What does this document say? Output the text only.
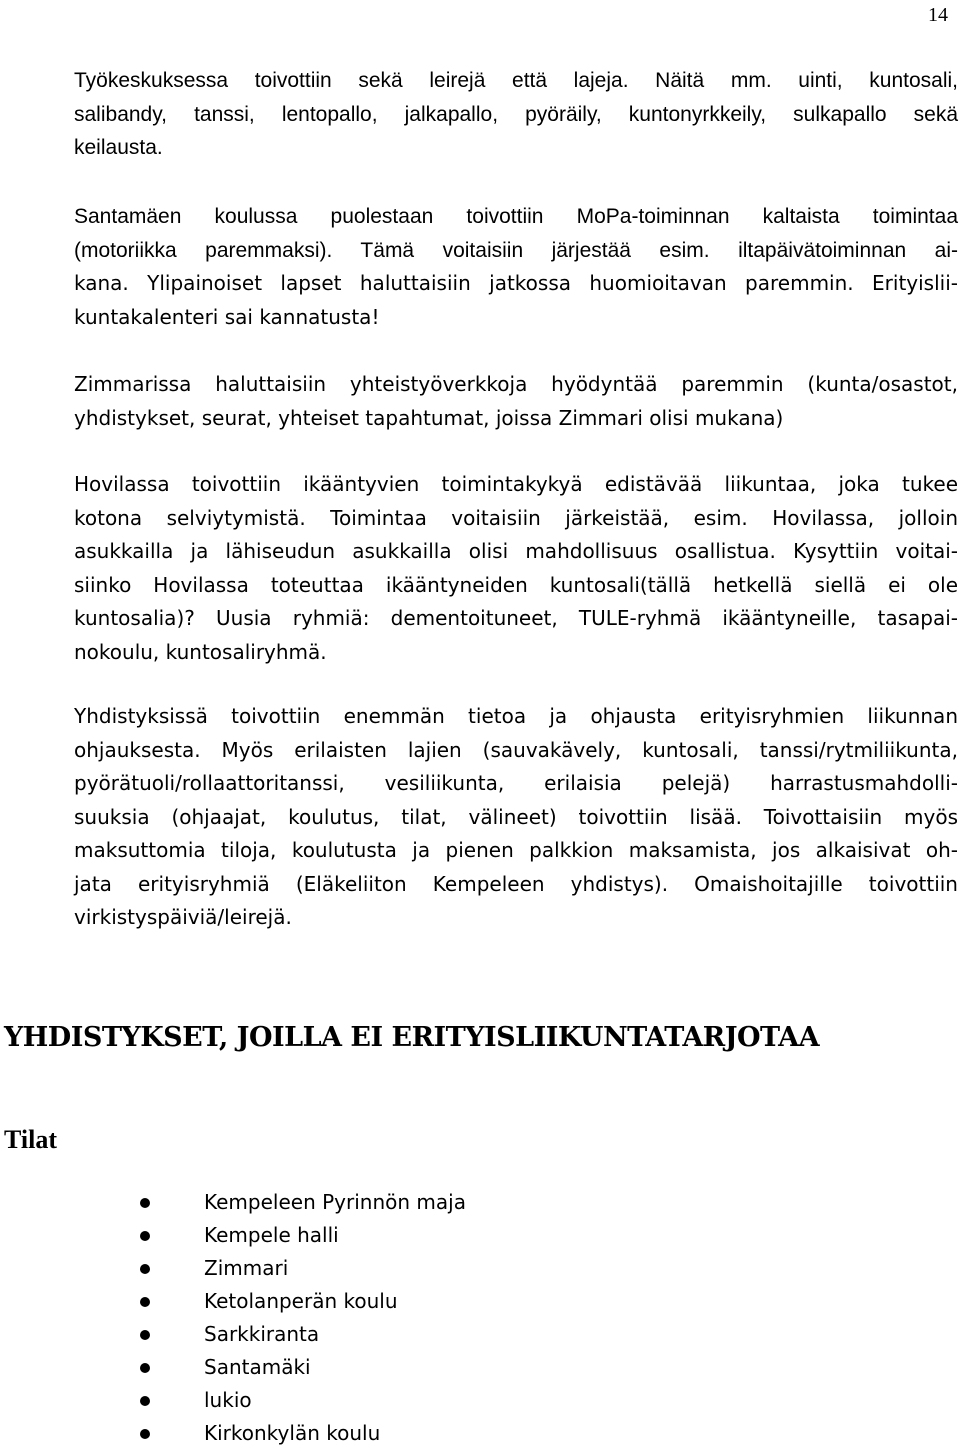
14
Työkeskuksessa toivottiin sekä leirejä että lajeja. Näitä mm. uinti, kuntosali,
salibandy, tanssi, lentopallo, jalkapallo, pyöräily, kuntonyrkkeily, sulkapallo sekä
keilausta.
Santamäen koulussa puolestaan toivottiin MoPa-toiminnan kaltaista toimintaa
(motoriikka paremmaksi). Tämä voitaisiin järjestää esim. iltapäivätoiminnan ai-
kana. Ylipainoiset lapset haluttaisiin jatkossa huomioitavan paremmin. Erityislii-
kuntakalenteri sai kannatusta!
Zimmarissa haluttaisiin yhteistyöverkkoja hyödyntää paremmin (kunta/osastot,
yhdistykset, seurat, yhteiset tapahtumat, joissa Zimmari olisi mukana)
Hovilassa toivottiin ikääntyvien toimintakykyä edistävää liikuntaa, joka tukee
kotona selviytymistä. Toimintaa voitaisiin järkeistää, esim. Hovilassa, jolloin
asukkailla ja lähiseudun asukkailla olisi mahdollisuus osallistua. Kysyttiin voitai-
siinko Hovilassa toteuttaa ikääntyneiden kuntosali(tällä hetkellä siellä ei ole
kuntosalia)? Uusia ryhmiä: dementoituneet, TULE-ryhmä ikääntyneille, tasapai-
nokoulu, kuntosaliryhmä.
Yhdistyksissä toivottiin enemmän tietoa ja ohjausta erityisryhmien liikunnan
ohjauksesta. Myös erilaisten lajien (sauvakävely, kuntosali, tanssi/rytmiliikunta,
pyörätuoli/rollaattoritanssi, vesiliikunta, erilaisia pelejä) harrastusmahdolli-
suuksia (ohjaajat, koulutus, tilat, välineet) toivottiin lisää. Toivottaisiin myös
maksuttomia tiloja, koulutusta ja pienen palkkion maksamista, jos alkaisivat oh-
jata erityisryhmiä (Eläkeliiton Kempeleen yhdistys). Omaishoitajille toivottiin
virkistyspäiviä/leirejä.
YHDISTYKSET, JOILLA EI ERITYISLIIKUNTATARJOTAA
Tilat
Kempeleen Pyrinnön maja
Kempele halli
Zimmari
Ketolanperän koulu
Sarkkiranta
Santamäki
lukio
Kirkonkylän koulu
